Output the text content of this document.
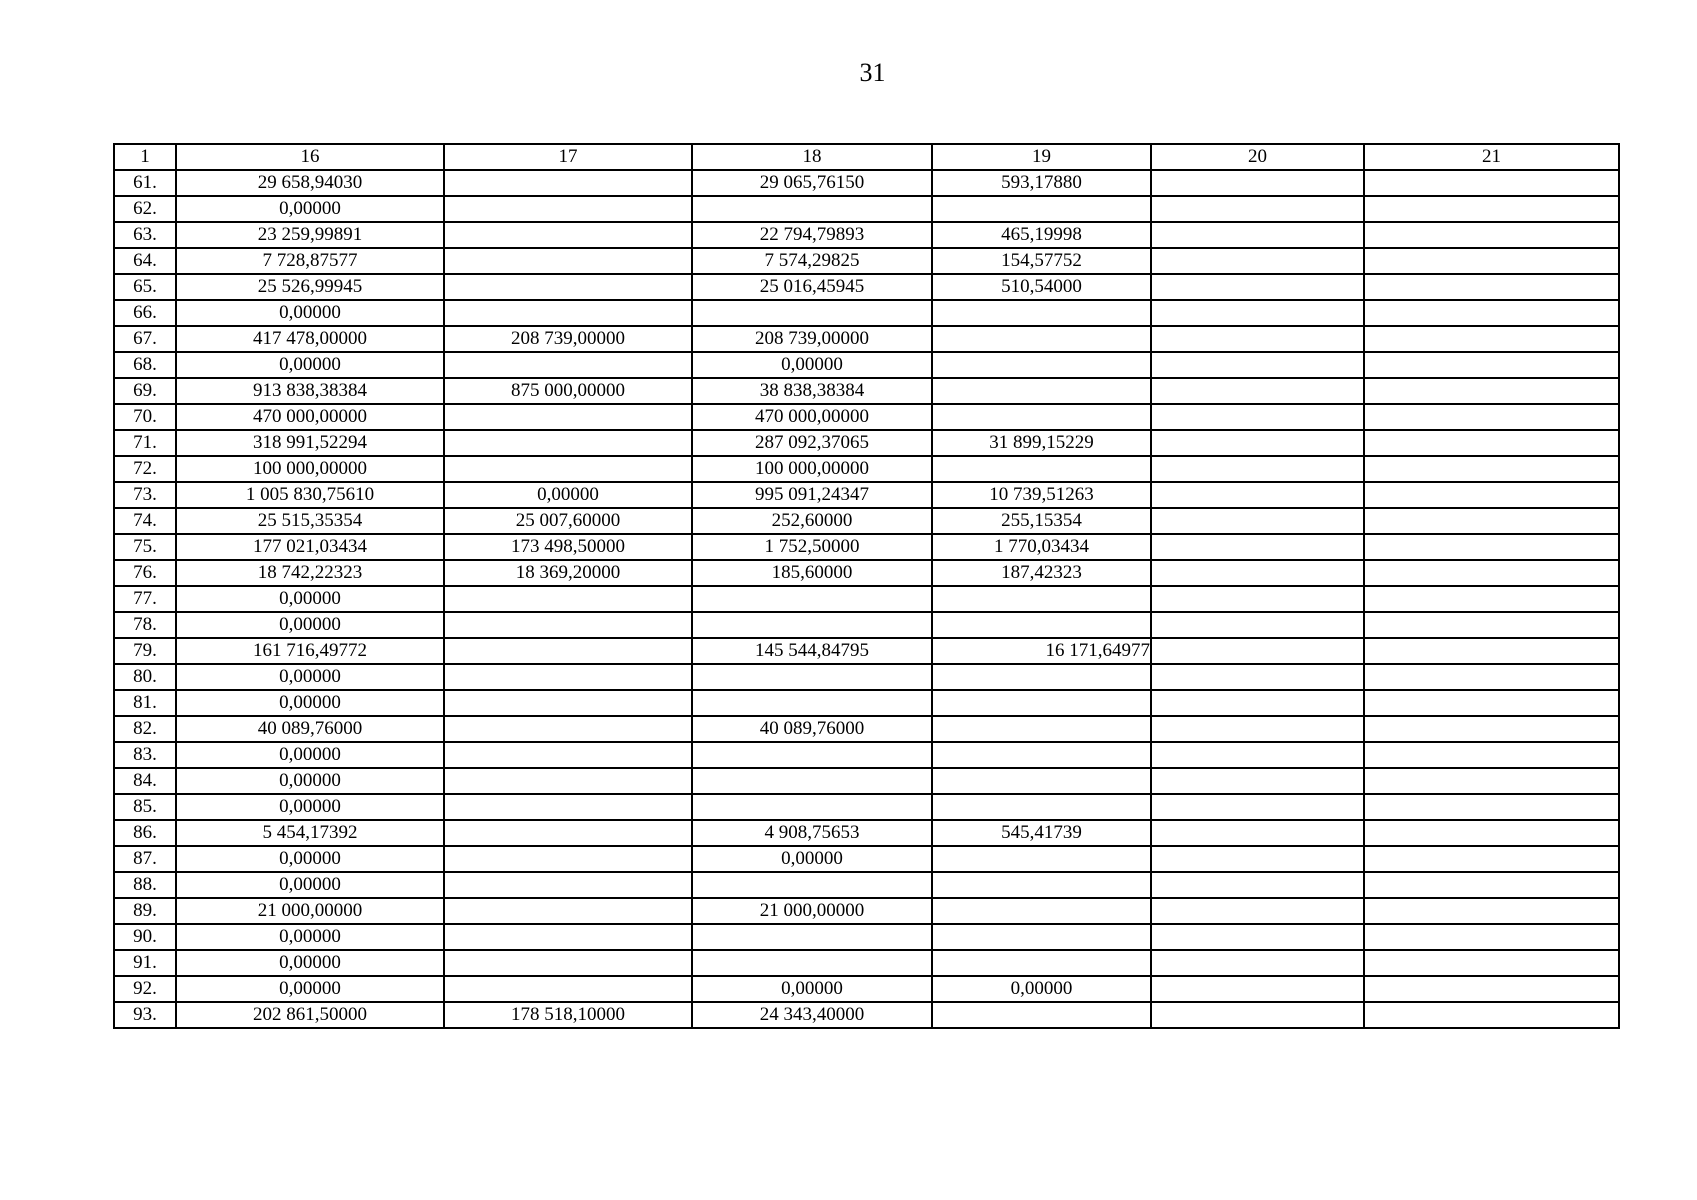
31
1	16	17	18	19	20	21
61.	29 658,94030		29 065,76150	593,17880		
62.	0,00000					
63.	23 259,99891		22 794,79893	465,19998		
64.	7 728,87577		7 574,29825	154,57752		
65.	25 526,99945		25 016,45945	510,54000		
66.	0,00000					
67.	417 478,00000	208 739,00000	208 739,00000			
68.	0,00000		0,00000			
69.	913 838,38384	875 000,00000	38 838,38384			
70.	470 000,00000		470 000,00000			
71.	318 991,52294		287 092,37065	31 899,15229		
72.	100 000,00000		100 000,00000			
73.	1 005 830,75610	0,00000	995 091,24347	10 739,51263		
74.	25 515,35354	25 007,60000	252,60000	255,15354		
75.	177 021,03434	173 498,50000	1 752,50000	1 770,03434		
76.	18 742,22323	18 369,20000	185,60000	187,42323		
77.	0,00000					
78.	0,00000					
79.	161 716,49772		145 544,84795	16 171,64977		
80.	0,00000					
81.	0,00000					
82.	40 089,76000		40 089,76000			
83.	0,00000					
84.	0,00000					
85.	0,00000					
86.	5 454,17392		4 908,75653	545,41739		
87.	0,00000		0,00000			
88.	0,00000					
89.	21 000,00000		21 000,00000			
90.	0,00000					
91.	0,00000					
92.	0,00000		0,00000	0,00000		
93.	202 861,50000	178 518,10000	24 343,40000			
